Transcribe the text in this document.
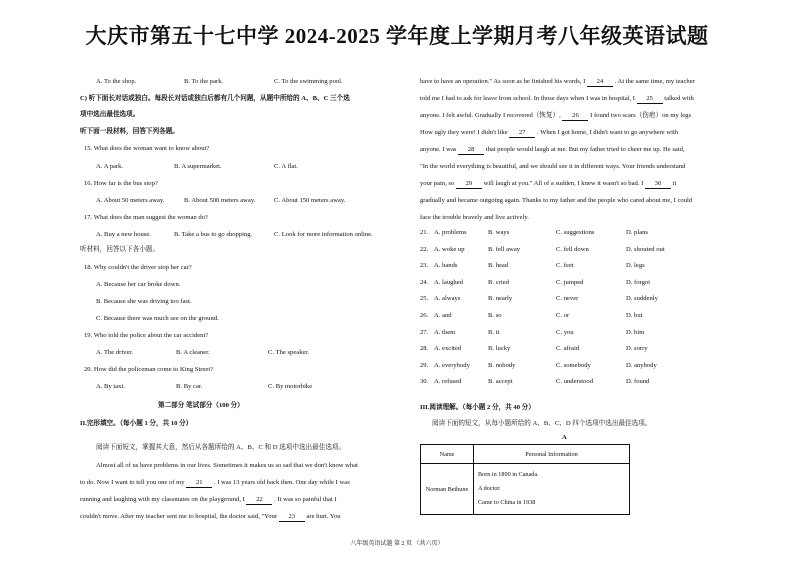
大庆市第五十七中学 2024-2025 学年度上学期月考八年级英语试题
A. To the shop.	B. To the park.	C. To the swimming pool.
C) 听下面长对话或独白。每段长对话或独白后都有几个问题，从题中所给的 A、B、C 三个选
项中选出最佳选项。
听下面一段材料，回答下列各题。
15. What does the woman want to know about?
A. A park.	B. A supermarket.	C. A flat.
16. How far is the bus stop?
A. About 50 meters away.	B. About 500 meters away.	C. About 150 meters away.
17. What does the man suggest the woman do?
A. Buy a new house.	B. Take a bus to go shopping.	C. Look for more information online.
听材料，回答以下各小题。
18. Why couldn't the driver stop her car?
A. Because her car broke down.
B. Because she was driving too fast.
C. Because there was much see on the ground.
19. Who told the police about the car accident?
A. The driver.	B. A cleaner.	C. The speaker.
20. How did the policeman come to King Street?
A. By taxi.	B. By car.	C. By motorbike
第二部分 笔试部分（100 分）
II.完形填空。（每小题 1 分，共 10 分）
阅读下面短文，掌握其大意，然后从各题所给的 A、B、C 和 D 选项中选出最佳选项。
Almost all of us have problems in our lives. Sometimes it makes us so sad that we don't know what
to do. Now I want to tell you one of my 21 . I was 13 years old back then. One day while I was
running and laughing with my classmates on the playground, I 22 . It was so painful that I
couldn't move. After my teacher sent me to hospital, the doctor said, "Your 23 are hurt. You
have to have an operation." As soon as he finished his words, I 24 . At the same time, my teacher
told me I had to ask for leave from school. In those days when I was in hospital, I 25 talked with
anyone. I felt awful. Gradually I recovered（恢复）, 26 I found two scars（伤疤）on my legs
How ugly they were! I didn't like 27 . When I got home, I didn't want to go anywhere with
anyone. I was 28 that people would laugh at me. But my father tried to cheer me up. He said,
"In the world everything is beautiful, and we should see it in different ways. Your friends understand
your pain, so 29 will laugh at you." All of a sudden, I knew it wasn't so bad. I 30 it
gradually and became outgoing again. Thanks to my father and the people who cared about me, I could
face the trouble bravely and live actively.
21. A. problems	B. ways	C. suggestions	D. plans
22. A. woke up	B. fell away	C. fell down	D. shouted out
23. A. hands	B. head	C. feet	D. legs
24. A. laughed	B. cried	C. jumped	D. forgot
25. A. always	B. nearly	C. never	D. suddenly
26. A. and	B. so	C. or	D. but
27. A. them	B. it	C. you	D. him
28. A. excited	B. lucky	C. afraid	D. sorry
29. A. everybody	B. nobody	C. somebody	D. anybody
30. A. refused	B. accept	C. understood	D. found
III.阅读理解。（每小题 2 分，共 40 分）
阅读下面的短文，从每小题所给的 A、B、C、D 四个选项中选出最佳选项。
A
Name	Personal Information
Norman Bethune	Born in 1890 in Canada.
A doctor.
Came to China in 1938
八年级英语试题 第 2 页 （共六页）
